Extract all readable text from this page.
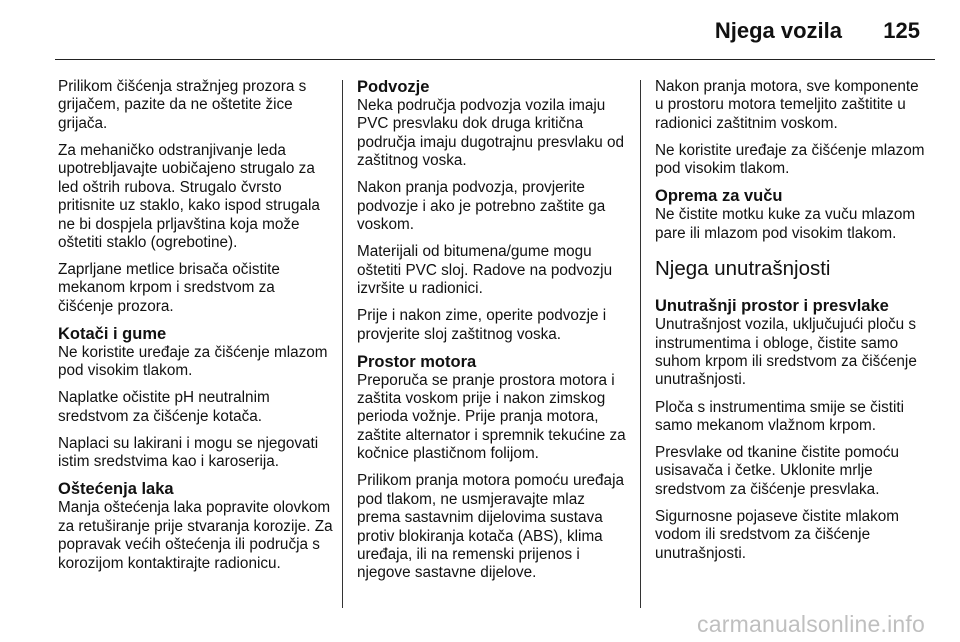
Njega vozila 125

Prilikom čišćenja stražnjeg prozora s grijačem, pazite da ne oštetite žice grijača.

Za mehaničko odstranjivanje leda upotrebljavajte uobičajeno strugalo za led oštrih rubova. Strugalo čvrsto pritisnite uz staklo, kako ispod strugala ne bi dospjela prljavština koja može oštetiti staklo (ogrebotine).

Zaprljane metlice brisača očistite mekanom krpom i sredstvom za čišćenje prozora.

Kotači i gume

Ne koristite uređaje za čišćenje mlazom pod visokim tlakom.

Naplatke očistite pH neutralnim sredstvom za čišćenje kotača.

Naplaci su lakirani i mogu se njegovati istim sredstvima kao i karoserija.

Oštećenja laka

Manja oštećenja laka popravite olovkom za retuširanje prije stvaranja korozije. Za popravak većih oštećenja ili područja s korozijom kontaktirajte radionicu.

Podvozje

Neka područja podvozja vozila imaju PVC presvlaku dok druga kritična područja imaju dugotrajnu presvlaku od zaštitnog voska.

Nakon pranja podvozja, provjerite podvozje i ako je potrebno zaštite ga voskom.

Materijali od bitumena/gume mogu oštetiti PVC sloj. Radove na podvozju izvršite u radionici.

Prije i nakon zime, operite podvozje i provjerite sloj zaštitnog voska.

Prostor motora

Preporuča se pranje prostora motora i zaštita voskom prije i nakon zimskog perioda vožnje. Prije pranja motora, zaštite alternator i spremnik tekućine za kočnice plastičnom folijom.

Prilikom pranja motora pomoću uređaja pod tlakom, ne usmjeravajte mlaz prema sastavnim dijelovima sustava protiv blokiranja kotača (ABS), klima uređaja, ili na remenski prijenos i njegove sastavne dijelove.

Nakon pranja motora, sve komponente u prostoru motora temeljito zaštitite u radionici zaštitnim voskom.

Ne koristite uređaje za čišćenje mlazom pod visokim tlakom.

Oprema za vuču

Ne čistite motku kuke za vuču mlazom pare ili mlazom pod visokim tlakom.

Njega unutrašnjosti
Unutrašnji prostor i presvlake

Unutrašnjost vozila, uključujući ploču s instrumentima i obloge, čistite samo suhom krpom ili sredstvom za čišćenje unutrašnjosti.

Ploča s instrumentima smije se čistiti samo mekanom vlažnom krpom.

Presvlake od tkanine čistite pomoću usisavača i četke. Uklonite mrlje sredstvom za čišćenje presvlaka.

Sigurnosne pojaseve čistite mlakom vodom ili sredstvom za čišćenje unutrašnjosti.

carmanualsonline.info
